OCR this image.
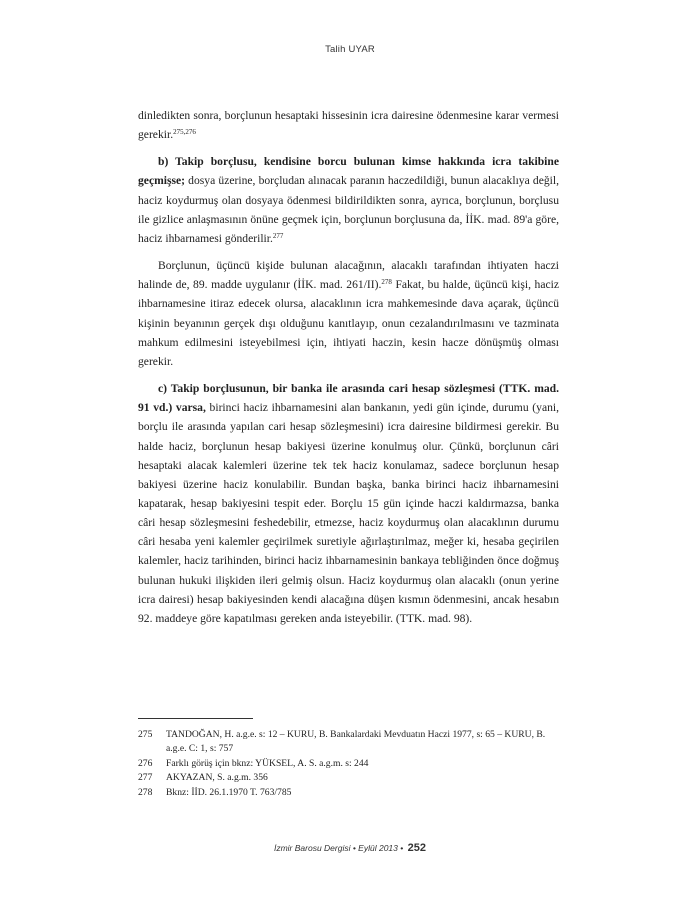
Talih UYAR

dinledikten sonra, borçlunun hesaptaki hissesinin icra dairesine ödenmesine karar vermesi gerekir.$^{275,276}$

b) Takip borçlusu, kendisine borcu bulunan kimse hakkında icra takibine geçmişse; dosya üzerine, borçludan alınacak paranın haczedildiği, bunun alacaklıya değil, haciz koydurmuş olan dosyaya ödenmesi bildirildikten sonra, ayrıca, borçlunun, borçlusu ile gizlice anlaşmasının önüne geçmek için, borçlunun borçlusuna da, İİK. mad. 89'a göre, haciz ihbarnamesi gönderilir.$^{277}$

Borçlunun, üçüncü kişide bulunan alacağının, alacaklı tarafından ihtiyaten haczi halinde de, 89. madde uygulanır (İİK. mad. 261/II).$^{278}$ Fakat, bu halde, üçüncü kişi, haciz ihbarnamesine itiraz edecek olursa, alacaklının icra mahkemesinde dava açarak, üçüncü kişinin beyanının gerçek dışı olduğunu kanıtlayıp, onun cezalandırılmasını ve tazminata mahkum edilmesini isteyebilmesi için, ihtiyati haczin, kesin hacze dönüşmüş olması gerekir.

c) Takip borçlusunun, bir banka ile arasında cari hesap sözleşmesi (TTK. mad. 91 vd.) varsa, birinci haciz ihbarnamesini alan bankanın, yedi gün içinde, durumu (yani, borçlu ile arasında yapılan cari hesap sözleşmesini) icra dairesine bildirmesi gerekir. Bu halde haciz, borçlunun hesap bakiyesi üzerine konulmuş olur. Çünkü, borçlunun câri hesaptaki alacak kalemleri üzerine tek tek haciz konulamaz, sadece borçlunun hesap bakiyesi üzerine haciz konulabilir. Bundan başka, banka birinci haciz ihbarnamesini kapatarak, hesap bakiyesini tespit eder. Borçlu 15 gün içinde haczi kaldırmazsa, banka câri hesap sözleşmesini feshedebilir, etmezse, haciz koydurmuş olan alacaklının durumu câri hesaba yeni kalemler geçirilmek suretiyle ağırlaştırılmaz, meğer ki, hesaba geçirilen kalemler, haciz tarihinden, birinci haciz ihbarnamesinin bankaya tebliğinden önce doğmuş bulunan hukuki ilişkiden ileri gelmiş olsun. Haciz koydurmuş olan alacaklı (onun yerine icra dairesi) hesap bakiyesinden kendi alacağına düşen kısmın ödenmesini, ancak hesabın 92. maddeye göre kapatılması gereken anda isteyebilir. (TTK. mad. 98).

275	TANDOĞAN, H. a.g.e. s: 12 – KURU, B. Bankalardaki Mevduatın Haczi 1977, s: 65 – KURU, B. a.g.e. C: 1, s: 757
276	Farklı görüş için bknz: YÜKSEL, A. S. a.g.m. s: 244
277	AKYAZAN, S. a.g.m. 356
278	Bknz: İİD. 26.1.1970 T. 763/785
İzmir Barosu Dergisi • Eylül 2013 • 252
